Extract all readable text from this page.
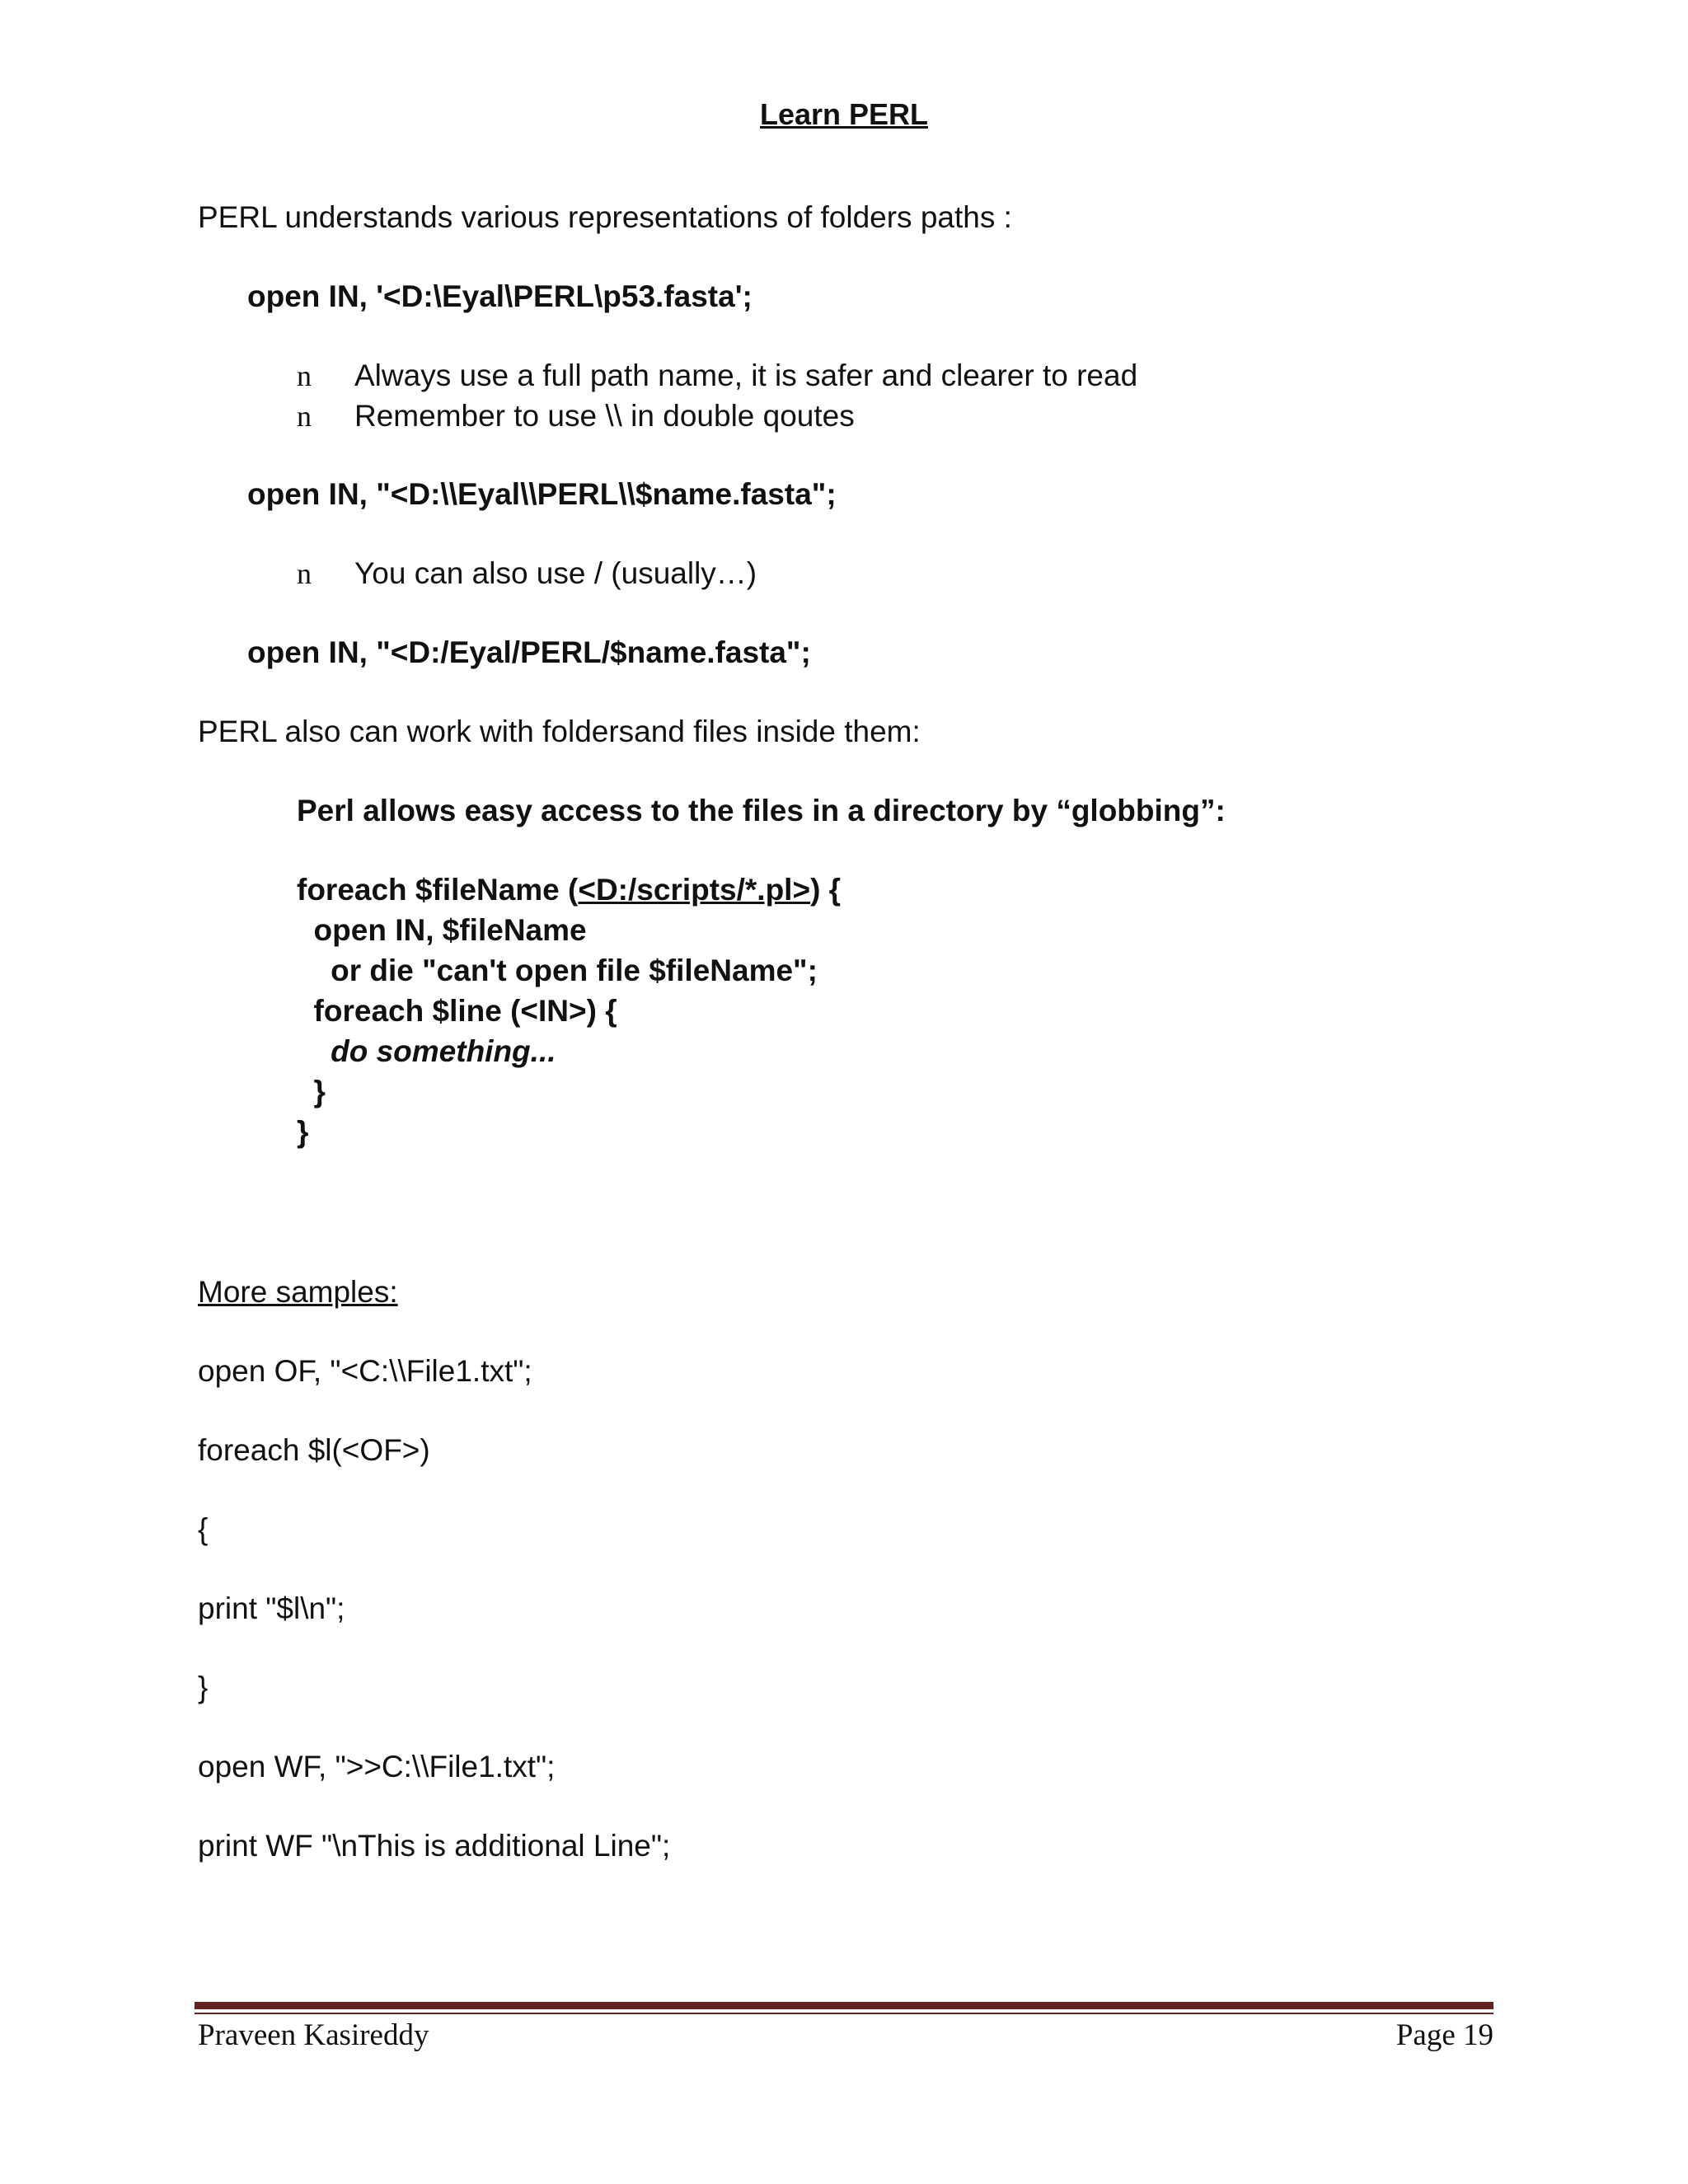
Learn PERL
PERL understands various representations of folders paths :
open IN, '<D:\Eyal\PERL\p53.fasta';
n Always use a full path name, it is safer and clearer to read
n Remember to use \\ in double qoutes
open IN, "<D:\\Eyal\\PERL\\$name.fasta";
n You can also use / (usually…)
open IN, "<D:/Eyal/PERL/$name.fasta";
PERL also can work with foldersand files inside them:
Perl allows easy access to the files in a directory by “globbing”:
foreach $fileName (<D:/scripts/*.pl>) {
open IN, $fileName
or die "can't open file $fileName";
foreach $line (<IN>) {
do something...
}
}
More samples:
open OF, "<C:\\File1.txt";
foreach $l(<OF>)
{
print "$l\n";
}
open WF, ">>C:\\File1.txt";
print WF "\nThis is additional Line";
Praveen Kasireddy	Page 19
